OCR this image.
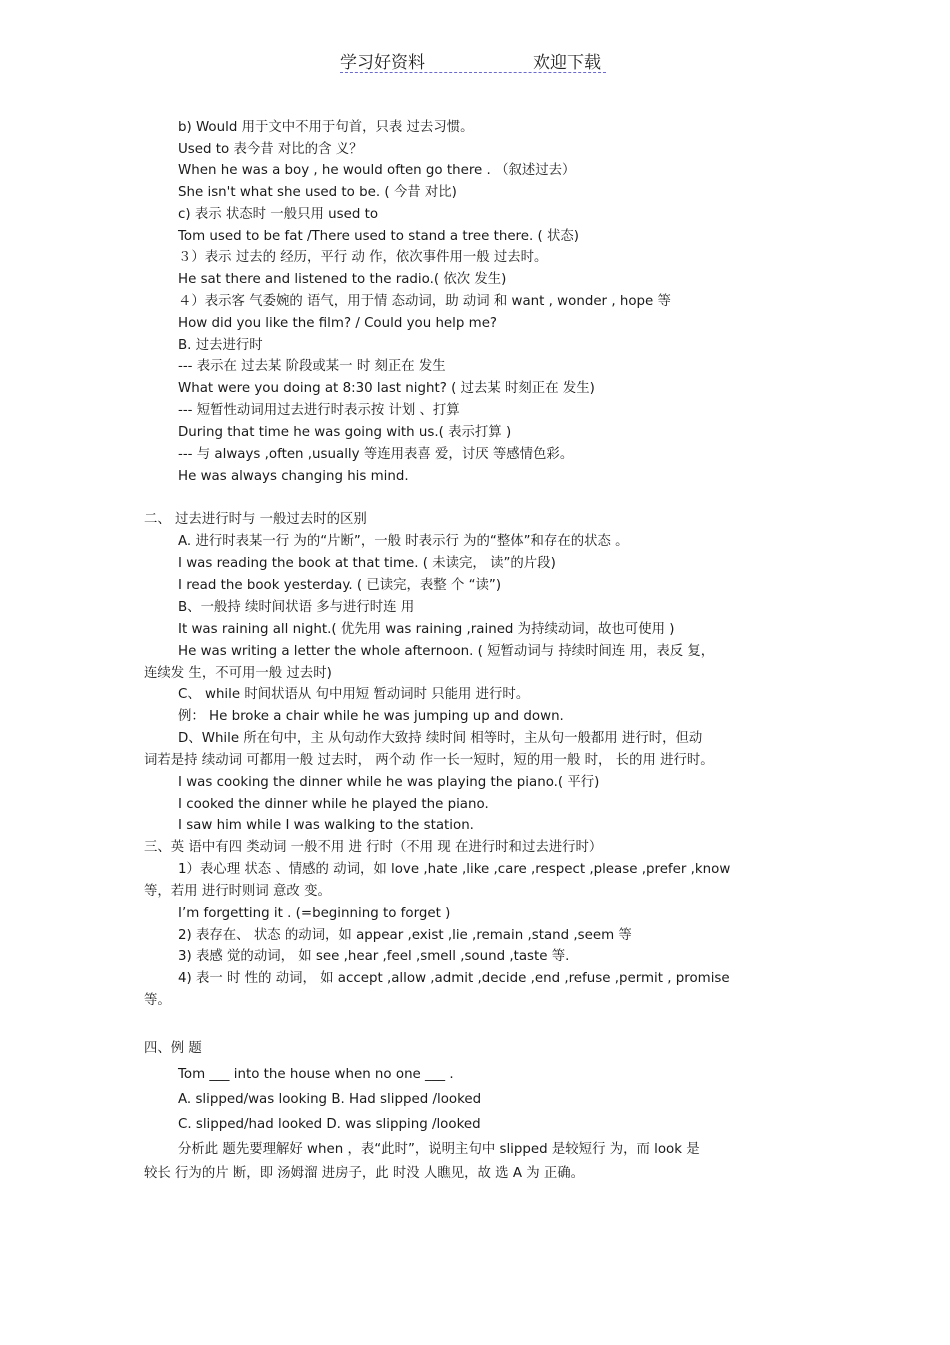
学习好资料	欢迎下载
b) Would 用于文中不用于句首，只表 过去习惯。
Used to 表今昔 对比的含 义？
When he was a boy , he would often go there . （叙述过去）
She isn't what she used to be. ( 今昔 对比)
c) 表示 状态时 一般只用 used to
Tom used to be fat /There used to stand a tree there. ( 状态)
３）表示 过去的 经历，平行 动 作，依次事件用一般 过去时。
He sat there and listened to the radio.( 依次 发生)
４）表示客 气委婉的 语气，用于情 态动词，助 动词 和 want , wonder , hope 等
How did you like the film? / Could you help me?
B. 过去进行时
--- 表示在 过去某 阶段或某一 时 刻正在 发生
What were you doing at 8:30 last night? ( 过去某 时刻正在 发生)
--- 短暂性动词用过去进行时表示按 计划 、打算
During that time he was going with us.( 表示打算 )
--- 与 always ,often ,usually 等连用表喜 爱，讨厌 等感情色彩。
He was always changing his mind.
二、 过去进行时与 一般过去时的区别
A. 进行时表某一行 为的“片断”，一般 时表示行 为的“整体”和存在的状态 。
I was reading the book at that time. ( 未读完， 读”的片段)
I read the book yesterday. ( 已读完，表整 个 “读”)
B、一般持 续时间状语 多与进行时连 用
It was raining all night.( 优先用 was raining ,rained 为持续动词，故也可使用 )
He was writing a letter the whole afternoon. ( 短暂动词与 持续时间连 用，表反 复，
连续发 生，不可用一般 过去时)
C、 while 时间状语从 句中用短 暂动词时 只能用 进行时。
例： He broke a chair while he was jumping up and down.
D、While 所在句中，主 从句动作大致持 续时间 相等时，主从句一般都用 进行时，但动
词若是持 续动词 可都用一般 过去时， 两个动 作一长一短时，短的用一般 时， 长的用 进行时。
I was cooking the dinner while he was playing the piano.( 平行)
I cooked the dinner while he played the piano.
I saw him while I was walking to the station.
三、英 语中有四 类动词 一般不用 进 行时（不用 现 在进行时和过去进行时）
1）表心理 状态 、情感的 动词，如 love ,hate ,like ,care ,respect ,please ,prefer ,know
等，若用 进行时则词 意改 变。
I’m forgetting it . (=beginning to forget )
2) 表存在、 状态 的动词，如 appear ,exist ,lie ,remain ,stand ,seem 等
3) 表感 觉的动词， 如 see ,hear ,feel ,smell ,sound ,taste 等.
4) 表一 时 性的 动词， 如 accept ,allow ,admit ,decide ,end ,refuse ,permit , promise
等。
四、例 题
Tom ___ into the house when no one ___ .
A. slipped/was looking B. Had slipped /looked
C. slipped/had looked D. was slipping /looked
分析此 题先要理解好 when ，表“此时”，说明主句中 slipped 是较短行 为，而 look 是
较长 行为的片 断，即 汤姆溜 进房子，此 时没 人瞧见，故 选 A 为 正确。
